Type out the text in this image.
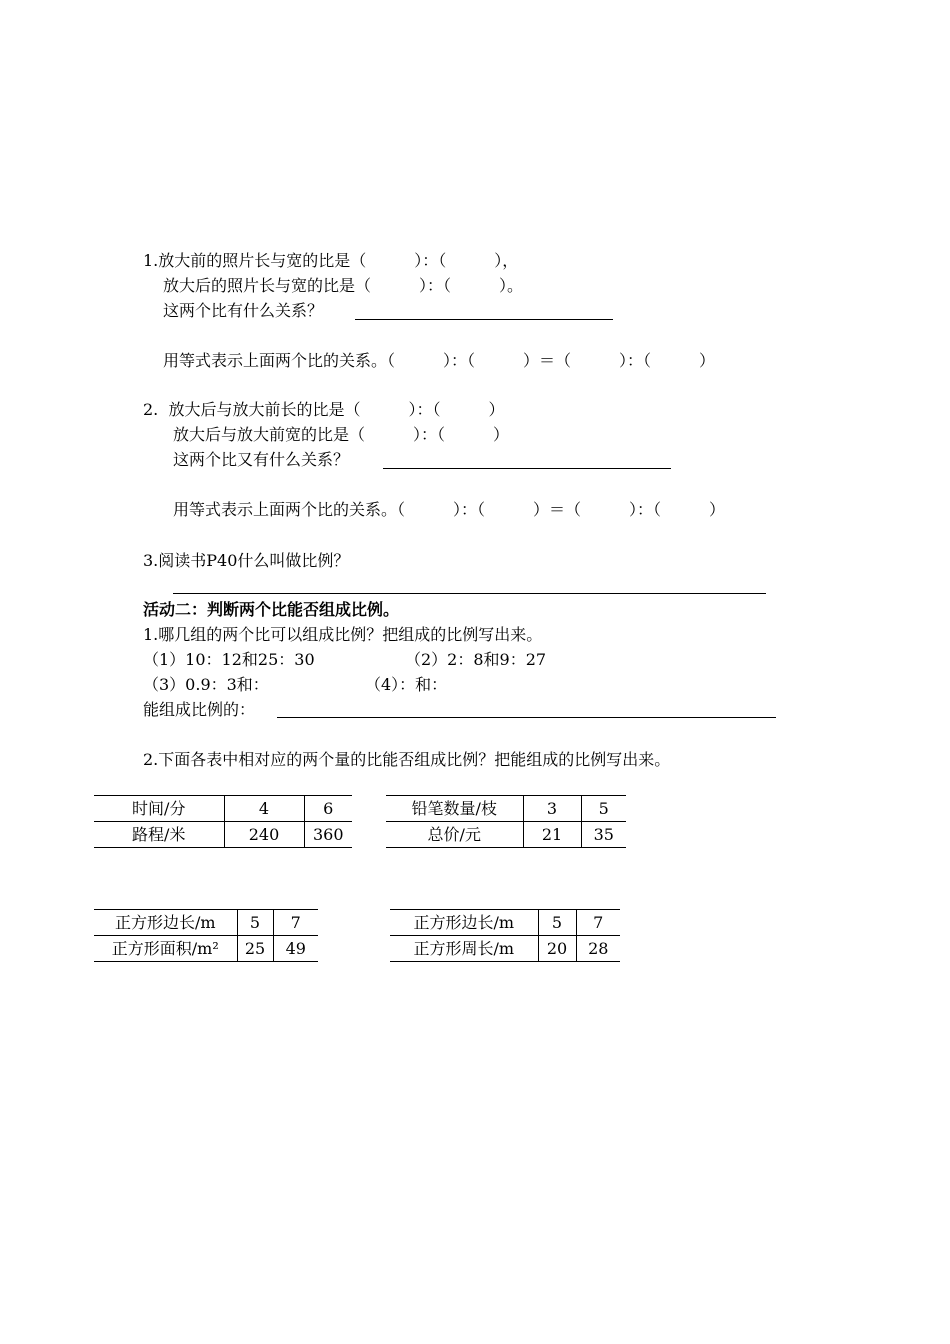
1.放大前的照片长与宽的比是（　　　）：（　　　），
放大后的照片长与宽的比是（　　　）：（　　　）。
这两个比有什么关系？
用等式表示上面两个比的关系。（　　　）：（　　　）＝（　　　）：（　　　）
2.  放大后与放大前长的比是（　　　）：（　　　）
放大后与放大前宽的比是（　　　）：（　　　）
这两个比又有什么关系？
用等式表示上面两个比的关系。（　　　）：（　　　）＝（　　　）：（　　　）
3.阅读书P40什么叫做比例？
活动二：判断两个比能否组成比例。
1.哪几组的两个比可以组成比例？把组成的比例写出来。
（1）10：12和25：30	（2）2：8和9：27
（3）0.9：3和：	（4）：和：
能组成比例的：
2.下面各表中相对应的两个量的比能否组成比例？把能组成的比例写出来。
时间/分	4	6
路程/米	240	360
铅笔数量/枝	3	5
总价/元	21	35
正方形边长/m	5	7
正方形面积/m²	25	49
正方形边长/m	5	7
正方形周长/m	20	28
